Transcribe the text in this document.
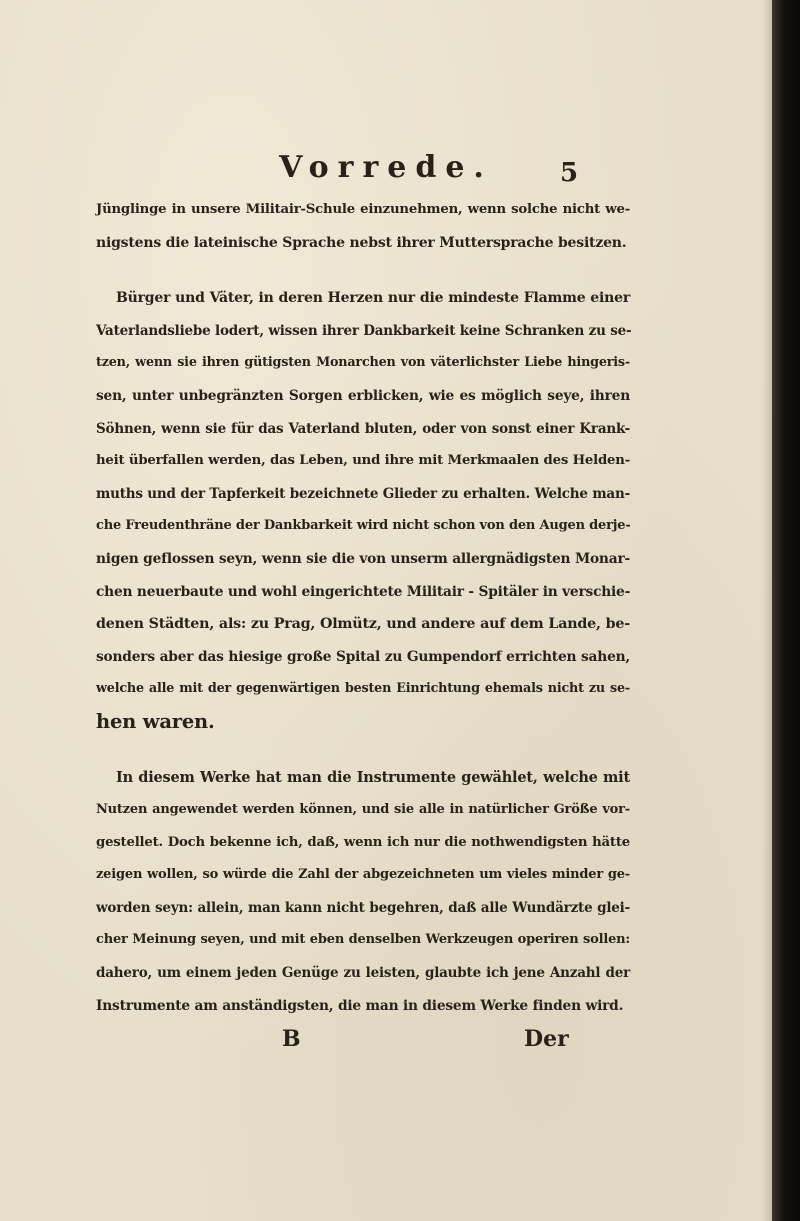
Vorrede.	5
Jünglinge in unsere Militair-Schule einzunehmen, wenn solche nicht we-
nigstens die lateinische Sprache nebst ihrer Muttersprache besitzen.
Bürger und Väter, in deren Herzen nur die mindeste Flamme einer
Vaterlandsliebe lodert, wissen ihrer Dankbarkeit keine Schranken zu se-
tzen, wenn sie ihren gütigsten Monarchen von väterlichster Liebe hingeris-
sen, unter unbegränzten Sorgen erblicken, wie es möglich seye, ihren
Söhnen, wenn sie für das Vaterland bluten, oder von sonst einer Krank-
heit überfallen werden, das Leben, und ihre mit Merkmaalen des Helden-
muths und der Tapferkeit bezeichnete Glieder zu erhalten. Welche man-
che Freudenthräne der Dankbarkeit wird nicht schon von den Augen derje-
nigen geflossen seyn, wenn sie die von unserm allergnädigsten Monar-
chen neuerbaute und wohl eingerichtete Militair - Spitäler in verschie-
denen Städten, als: zu Prag, Olmütz, und andere auf dem Lande, be-
sonders aber das hiesige große Spital zu Gumpendorf errichten sahen,
welche alle mit der gegenwärtigen besten Einrichtung ehemals nicht zu se-
hen waren.
In diesem Werke hat man die Instrumente gewählet, welche mit
Nutzen angewendet werden können, und sie alle in natürlicher Größe vor-
gestellet. Doch bekenne ich, daß, wenn ich nur die nothwendigsten hätte
zeigen wollen, so würde die Zahl der abgezeichneten um vieles minder ge-
worden seyn: allein, man kann nicht begehren, daß alle Wundärzte glei-
cher Meinung seyen, und mit eben denselben Werkzeugen operiren sollen:
dahero, um einem jeden Genüge zu leisten, glaubte ich jene Anzahl der
Instrumente am anständigsten, die man in diesem Werke finden wird.
B	Der
